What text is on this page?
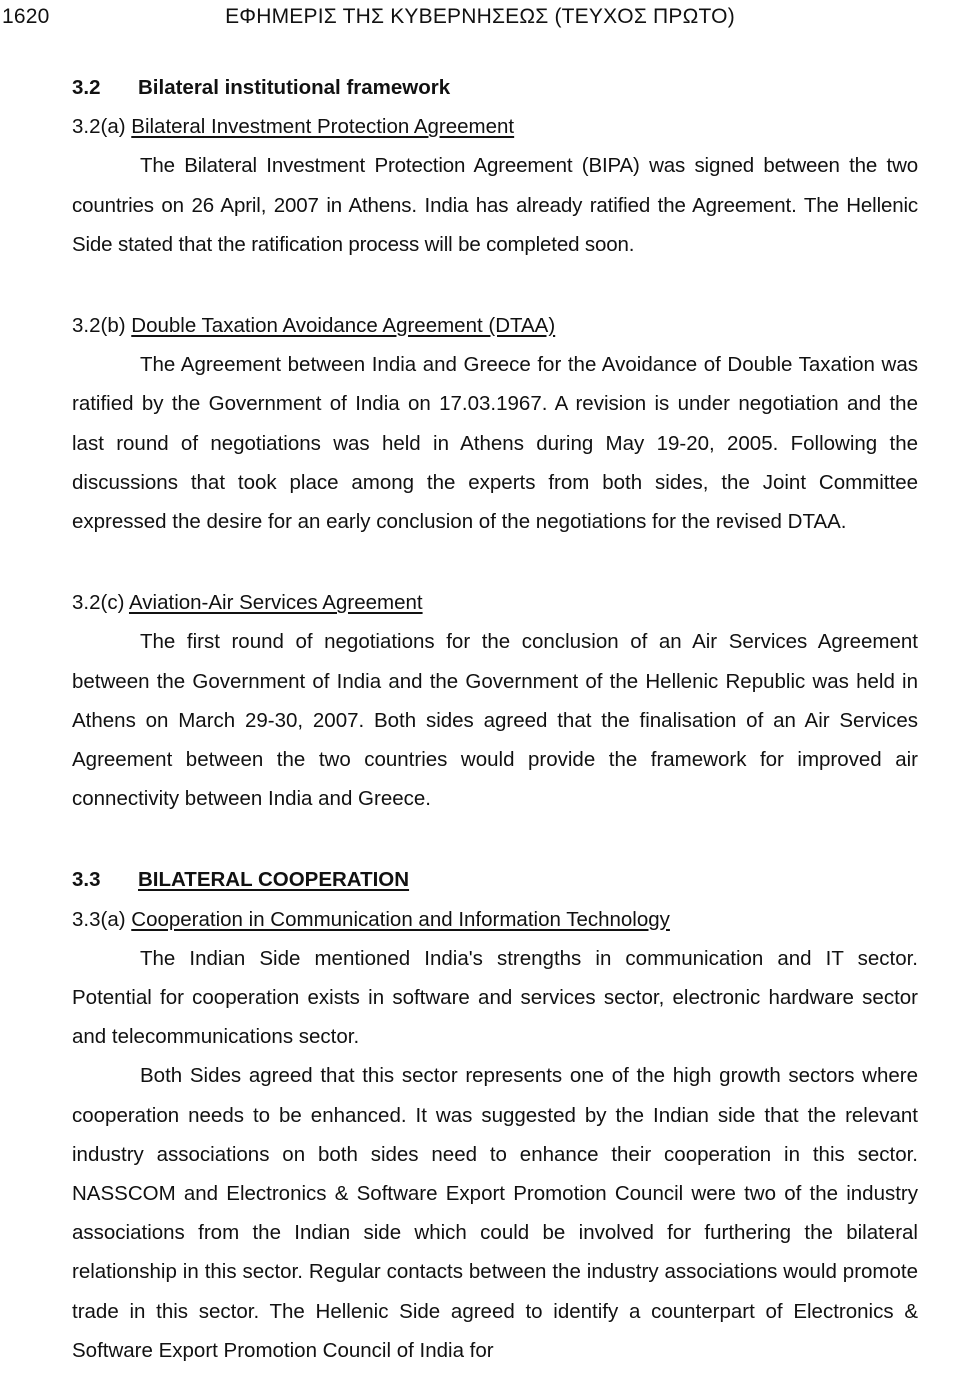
1620	ΕΦΗΜΕΡΙΣ ΤΗΣ ΚΥΒΕΡΝΗΣΕΩΣ (ΤΕΥΧΟΣ ΠΡΩΤΟ)
3.2 Bilateral institutional framework
3.2(a) Bilateral Investment Protection Agreement

The Bilateral Investment Protection Agreement (BIPA) was signed between the two countries on 26 April, 2007 in Athens. India has already ratified the Agreement. The Hellenic Side stated that the ratification process will be completed soon.

3.2(b) Double Taxation Avoidance Agreement (DTAA)

The Agreement between India and Greece for the Avoidance of Double Taxation was ratified by the Government of India on 17.03.1967. A revision is under negotiation and the last round of negotiations was held in Athens during May 19-20, 2005. Following the discussions that took place among the experts from both sides, the Joint Committee expressed the desire for an early conclusion of the negotiations for the revised DTAA.

3.2(c) Aviation-Air Services Agreement

The first round of negotiations for the conclusion of an Air Services Agreement between the Government of India and the Government of the Hellenic Republic was held in Athens on March 29-30, 2007. Both sides agreed that the finalisation of an Air Services Agreement between the two countries would provide the framework for improved air connectivity between India and Greece.

3.3 BILATERAL COOPERATION
3.3(a) Cooperation in Communication and Information Technology

The Indian Side mentioned India's strengths in communication and IT sector. Potential for cooperation exists in software and services sector, electronic hardware sector and telecommunications sector.

Both Sides agreed that this sector represents one of the high growth sectors where cooperation needs to be enhanced. It was suggested by the Indian side that the relevant industry associations on both sides need to enhance their cooperation in this sector. NASSCOM and Electronics & Software Export Promotion Council were two of the industry associations from the Indian side which could be involved for furthering the bilateral relationship in this sector. Regular contacts between the industry associations would promote trade in this sector. The Hellenic Side agreed to identify a counterpart of Electronics & Software Export Promotion Council of India for
